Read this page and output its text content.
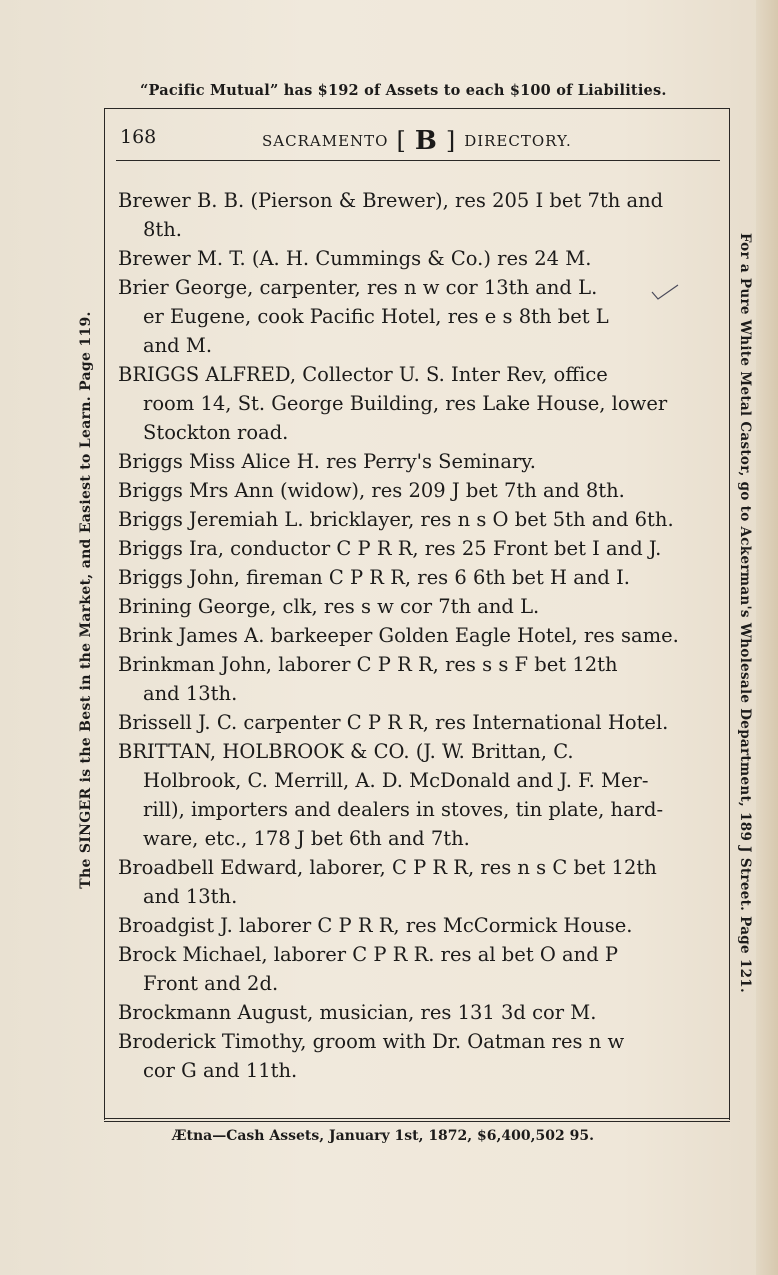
“Pacific Mutual” has $192 of Assets to each $100 of Liabilities.
168	SACRAMENTO [ B ] DIRECTORY.
The SINGER is the Best in the Market, and Easiest to Learn. Page 119.	For a Pure White Metal Castor, go to Ackerman's Wholesale Department, 189 J Street. Page 121.
Brewer B. B. (Pierson & Brewer), res 205 I bet 7th and
8th.
Brewer M. T. (A. H. Cummings & Co.) res 24 M.
Brier George, carpenter, res n w cor 13th and L.
er Eugene, cook Pacific Hotel, res e s 8th bet L
and M.
BRIGGS ALFRED, Collector U. S. Inter Rev, office
room 14, St. George Building, res Lake House, lower
Stockton road.
Briggs Miss Alice H. res Perry's Seminary.
Briggs Mrs Ann (widow), res 209 J bet 7th and 8th.
Briggs Jeremiah L. bricklayer, res n s O bet 5th and 6th.
Briggs Ira, conductor C P R R, res 25 Front bet I and J.
Briggs John, fireman C P R R, res 6 6th bet H and I.
Brining George, clk, res s w cor 7th and L.
Brink James A. barkeeper Golden Eagle Hotel, res same.
Brinkman John, laborer C P R R, res s s F bet 12th
and 13th.
Brissell J. C. carpenter C P R R, res International Hotel.
BRITTAN, HOLBROOK & CO. (J. W. Brittan, C.
Holbrook, C. Merrill, A. D. McDonald and J. F. Mer-
rill), importers and dealers in stoves, tin plate, hard-
ware, etc., 178 J bet 6th and 7th.
Broadbell Edward, laborer, C P R R, res n s C bet 12th
and 13th.
Broadgist J. laborer C P R R, res McCormick House.
Brock Michael, laborer C P R R. res al bet O and P
Front and 2d.
Brockmann August, musician, res 131 3d cor M.
Broderick Timothy, groom with Dr. Oatman res n w
cor G and 11th.
Ætna—Cash Assets, January 1st, 1872, $6,400,502 95.
